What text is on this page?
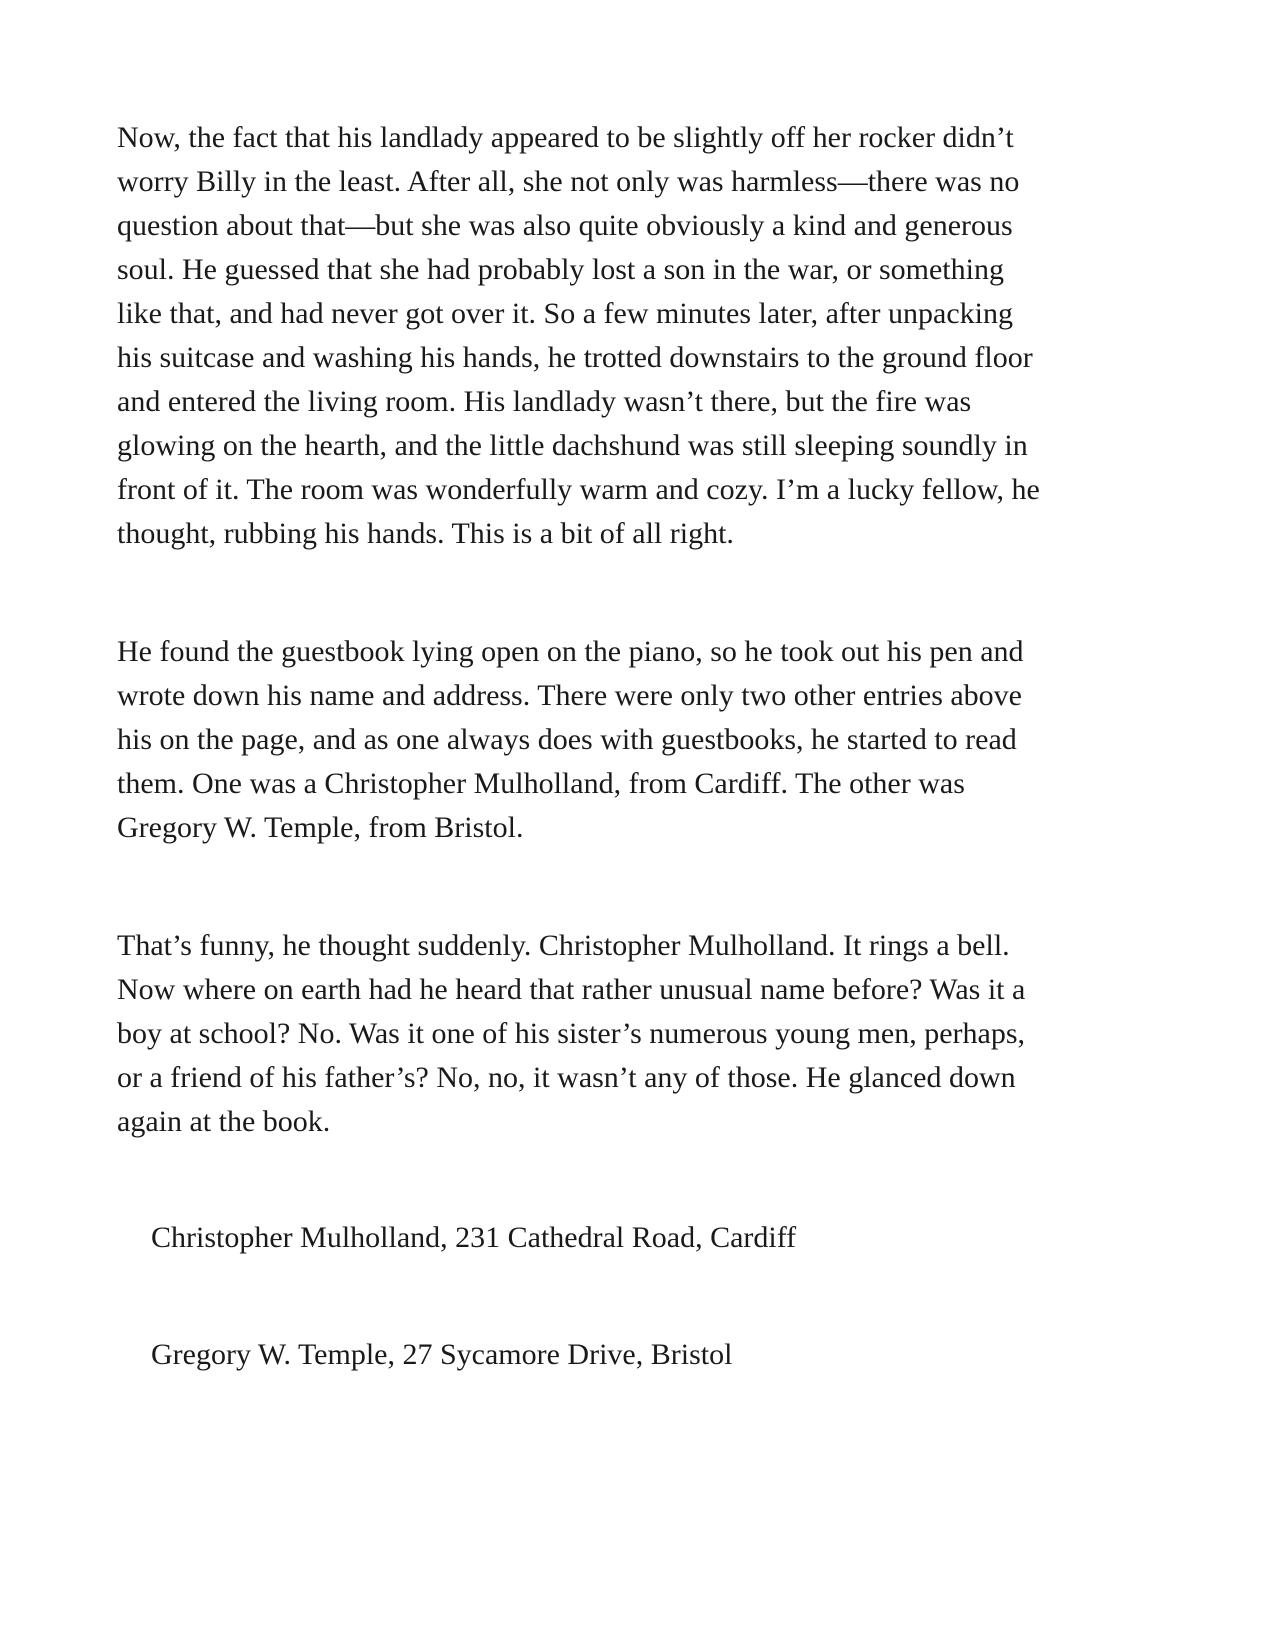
Now, the fact that his landlady appeared to be slightly off her rocker didn’t
worry Billy in the least. After all, she not only was harmless—there was no
question about that—but she was also quite obviously a kind and generous
soul. He guessed that she had probably lost a son in the war, or something
like that, and had never got over it. So a few minutes later, after unpacking
his suitcase and washing his hands, he trotted downstairs to the ground floor
and entered the living room. His landlady wasn’t there, but the fire was
glowing on the hearth, and the little dachshund was still sleeping soundly in
front of it. The room was wonderfully warm and cozy. I’m a lucky fellow, he
thought, rubbing his hands. This is a bit of all right.

He found the guestbook lying open on the piano, so he took out his pen and
wrote down his name and address. There were only two other entries above
his on the page, and as one always does with guestbooks, he started to read
them. One was a Christopher Mulholland, from Cardiff. The other was
Gregory W. Temple, from Bristol.

That’s funny, he thought suddenly. Christopher Mulholland. It rings a bell.
Now where on earth had he heard that rather unusual name before? Was it a
boy at school? No. Was it one of his sister’s numerous young men, perhaps,
or a friend of his father’s? No, no, it wasn’t any of those. He glanced down
again at the book.

Christopher Mulholland, 231 Cathedral Road, Cardiff

Gregory W. Temple, 27 Sycamore Drive, Bristol
